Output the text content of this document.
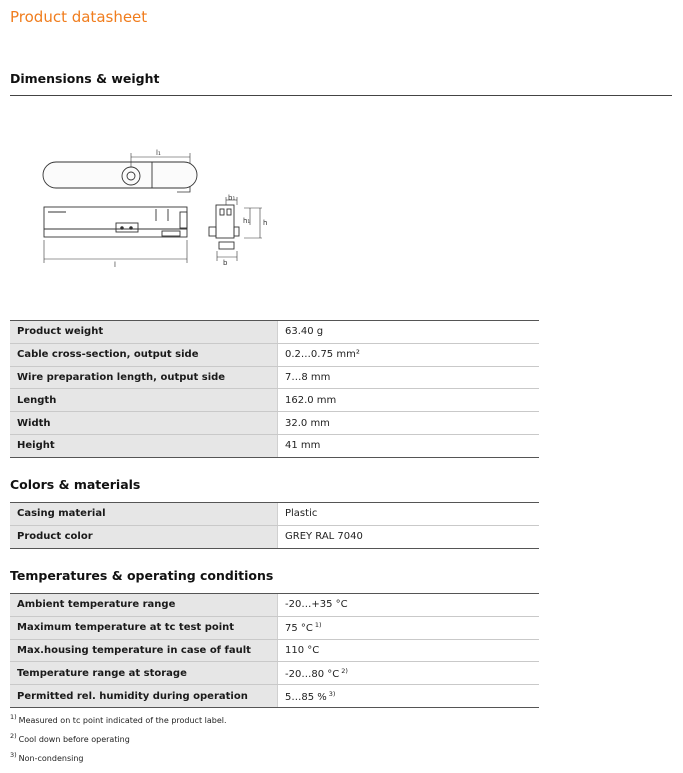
Product datasheet
Dimensions & weight
l₁
l
b₁
b
h₁ h
Product weight	63.40 g
Cable cross-section, output side	0.2…0.75 mm²
Wire preparation length, output side	7…8 mm
Length	162.0 mm
Width	32.0 mm
Height	41 mm
Colors & materials
Casing material	Plastic
Product color	GREY RAL 7040
Temperatures & operating conditions
Ambient temperature range	-20…+35 °C
Maximum temperature at tc test point	75 °C $^{1)}$
Max.housing temperature in case of fault	110 °C
Temperature range at storage	-20…80 °C $^{2)}$
Permitted rel. humidity during operation	5…85 % $^{3)}$
$^{1)}$ Measured on tc point indicated of the product label.
$^{2)}$ Cool down before operating
$^{3)}$ Non-condensing
